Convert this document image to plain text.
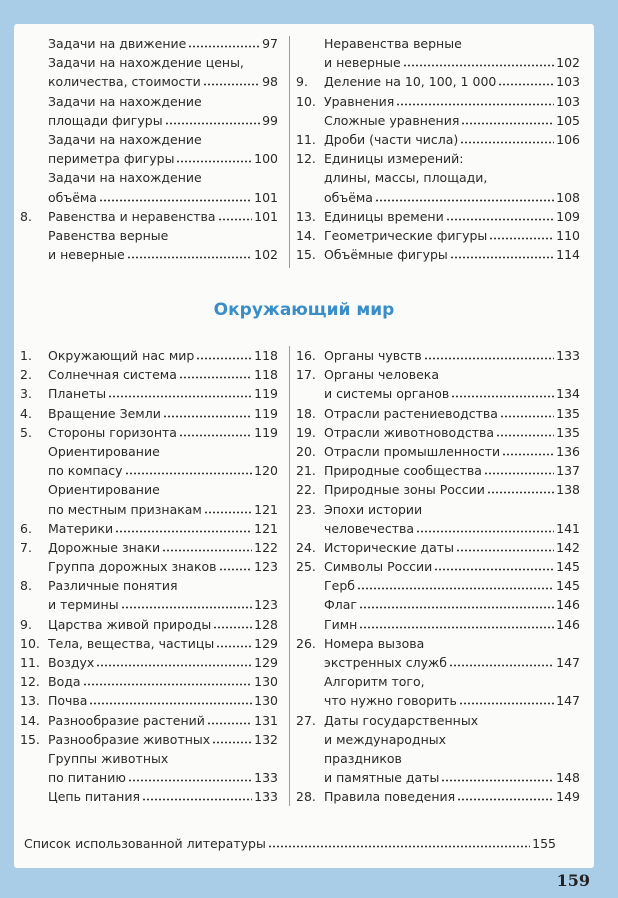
Задачи на движение	97
Задачи на нахождение цены,
количества, стоимости	98
Задачи на нахождение
площади фигуры	99
Задачи на нахождение
периметра фигуры	100
Задачи на нахождение
объёма	101
8.	Равенства и неравенства	101
Равенства верные
и неверные	102
Неравенства верные
и неверные	102
9.	Деление на 10, 100, 1 000	103
10. Уравнения	103
Сложные уравнения	105
11. Дроби (части числа)	106
12. Единицы измерений:
длины, массы, площади,
объёма	108
13. Единицы времени	109
14. Геометрические фигуры	110
15. Объёмные фигуры	114
Окружающий мир
1.	Окружающий нас мир	118
2.	Солнечная система	118
3.	Планеты	119
4.	Вращение Земли	119
5.	Стороны горизонта	119
Ориентирование
по компасу	120
Ориентирование
по местным признакам	121
6.	Материки	121
7.	Дорожные знаки	122
Группа дорожных знаков	123
8.	Различные понятия
и термины	123
9.	Царства живой природы	128
10. Тела, вещества, частицы	129
11. Воздух	129
12. Вода	130
13. Почва	130
14. Разнообразие растений	131
15. Разнообразие животных	132
Группы животных
по питанию	133
Цепь питания	133
16. Органы чувств	133
17. Органы человека
и системы органов	134
18. Отрасли растениеводства	135
19. Отрасли животноводства	135
20. Отрасли промышленности	136
21. Природные сообщества	137
22. Природные зоны России	138
23. Эпохи истории
человечества	141
24. Исторические даты	142
25. Символы России	145
Герб	145
Флаг	146
Гимн	146
26. Номера вызова
экстренных служб	147
Алгоритм того,
что нужно говорить	147
27. Даты государственных
и международных
праздников
и памятные даты	148
28. Правила поведения	149
Список использованной литературы	155
159
